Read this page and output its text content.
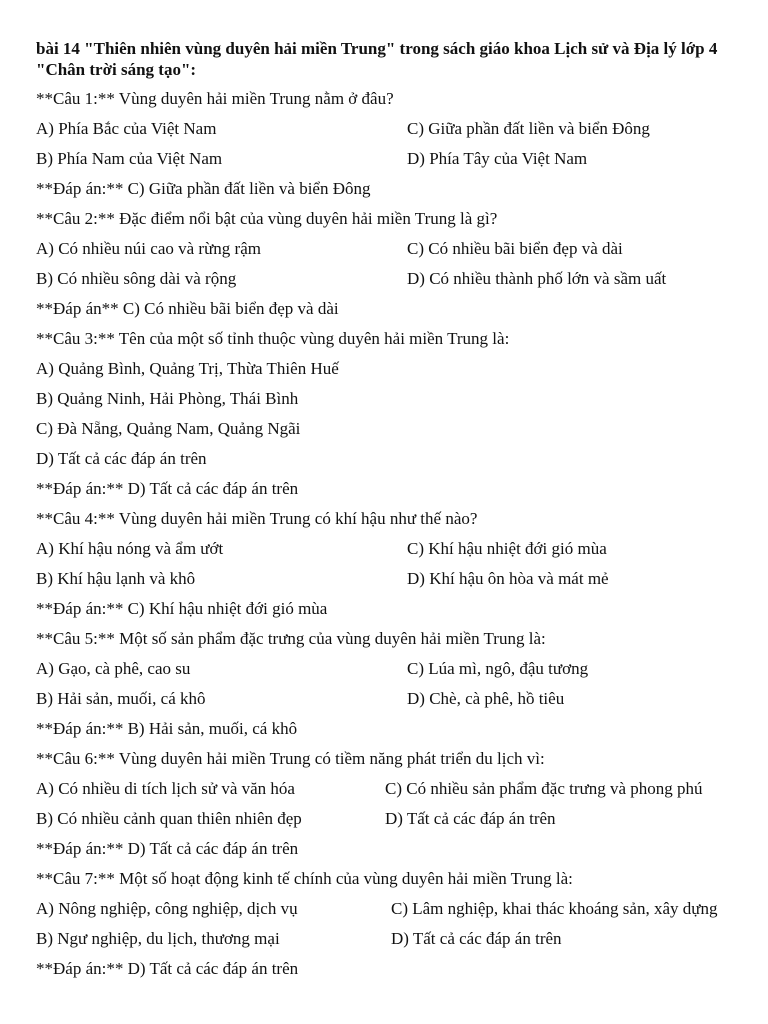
bài 14 "Thiên nhiên vùng duyên hải miền Trung" trong sách giáo khoa Lịch sử và Địa lý lớp 4 "Chân trời sáng tạo":
**Câu 1:** Vùng duyên hải miền Trung nằm ở đâu?
A) Phía Bắc của Việt Nam	C) Giữa phần đất liền và biển Đông
B) Phía Nam của Việt Nam	D) Phía Tây của Việt Nam
**Đáp án:** C) Giữa phần đất liền và biển Đông
**Câu 2:** Đặc điểm nổi bật của vùng duyên hải miền Trung là gì?
A) Có nhiều núi cao và rừng rậm	C) Có nhiều bãi biển đẹp và dài
B) Có nhiều sông dài và rộng	D) Có nhiều thành phố lớn và sầm uất
**Đáp án** C) Có nhiều bãi biển đẹp và dài
**Câu 3:** Tên của một số tỉnh thuộc vùng duyên hải miền Trung là:
A) Quảng Bình, Quảng Trị, Thừa Thiên Huế
B) Quảng Ninh, Hải Phòng, Thái Bình
C) Đà Nẵng, Quảng Nam, Quảng Ngãi
D) Tất cả các đáp án trên
**Đáp án:** D) Tất cả các đáp án trên
**Câu 4:** Vùng duyên hải miền Trung có khí hậu như thế nào?
A) Khí hậu nóng và ẩm ướt	C) Khí hậu nhiệt đới gió mùa
B) Khí hậu lạnh và khô	D) Khí hậu ôn hòa và mát mẻ
**Đáp án:** C) Khí hậu nhiệt đới gió mùa
**Câu 5:** Một số sản phẩm đặc trưng của vùng duyên hải miền Trung là:
A) Gạo, cà phê, cao su	C) Lúa mì, ngô, đậu tương
B) Hải sản, muối, cá khô	D) Chè, cà phê, hồ tiêu
**Đáp án:** B) Hải sản, muối, cá khô
**Câu 6:** Vùng duyên hải miền Trung có tiềm năng phát triển du lịch vì:
A) Có nhiều di tích lịch sử và văn hóa	C) Có nhiều sản phẩm đặc trưng và phong phú
B) Có nhiều cảnh quan thiên nhiên đẹp	D) Tất cả các đáp án trên
**Đáp án:** D) Tất cả các đáp án trên
**Câu 7:** Một số hoạt động kinh tế chính của vùng duyên hải miền Trung là:
A) Nông nghiệp, công nghiệp, dịch vụ	C) Lâm nghiệp, khai thác khoáng sản, xây dựng
B) Ngư nghiệp, du lịch, thương mại	D) Tất cả các đáp án trên
**Đáp án:** D) Tất cả các đáp án trên
